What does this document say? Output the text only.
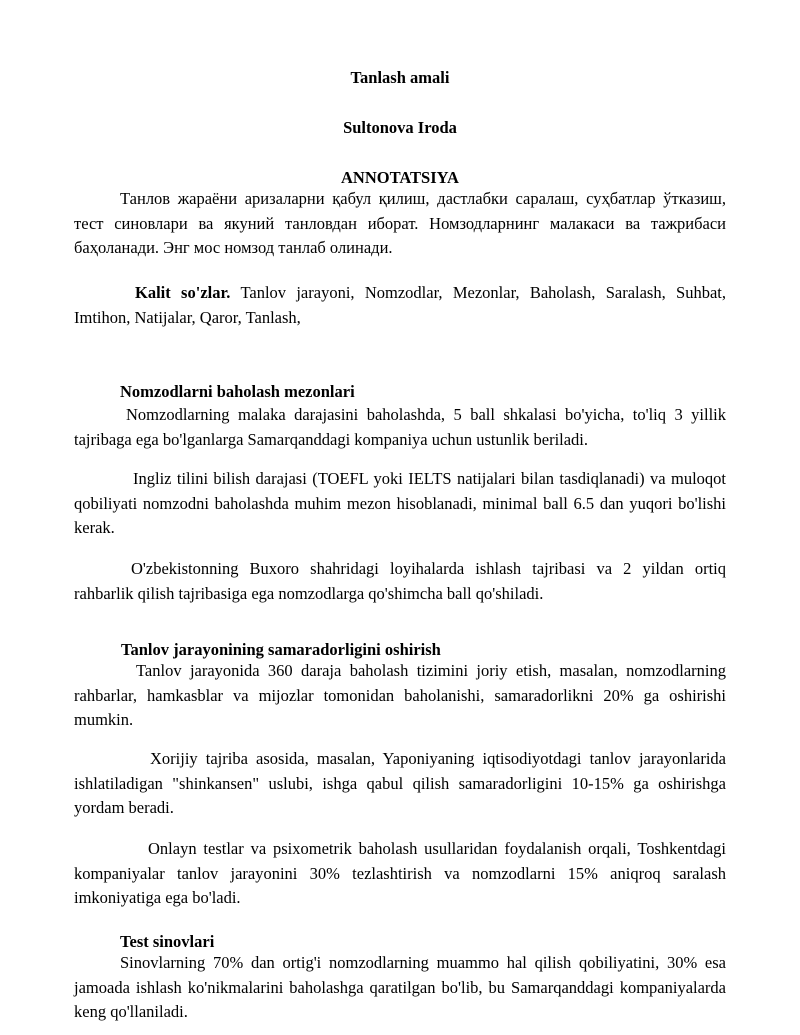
Tanlash amali
Sultonova Iroda
ANNOTATSIYA
Танлов жараёни аризаларни қабул қилиш, дастлабки саралаш, суҳбатлар ўтказиш, тест синовлари ва якуний танловдан иборат. Номзодларнинг малакаси ва тажрибаси баҳоланади. Энг мос номзод танлаб олинади.
Kalit so'zlar. Tanlov jarayoni, Nomzodlar, Mezonlar, Baholash, Saralash, Suhbat, Imtihon, Natijalar, Qaror, Tanlash,
Nomzodlarni baholash mezonlari
Nomzodlarning malaka darajasini baholashda, 5 ball shkalasi bo'yicha, to'liq 3 yillik tajribaga ega bo'lganlarga Samarqanddagi kompaniya uchun ustunlik beriladi.
Ingliz tilini bilish darajasi (TOEFL yoki IELTS natijalari bilan tasdiqlanadi) va muloqot qobiliyati nomzodni baholashda muhim mezon hisoblanadi, minimal ball 6.5 dan yuqori bo'lishi kerak.
O'zbekistonning Buxoro shahridagi loyihalarda ishlash tajribasi va 2 yildan ortiq rahbarlik qilish tajribasiga ega nomzodlarga qo'shimcha ball qo'shiladi.
Tanlov jarayonining samaradorligini oshirish
Tanlov jarayonida 360 daraja baholash tizimini joriy etish, masalan, nomzodlarning rahbarlar, hamkasblar va mijozlar tomonidan baholanishi, samaradorlikni 20% ga oshirishi mumkin.
Xorijiy tajriba asosida, masalan, Yaponiyaning iqtisodiyotdagi tanlov jarayonlarida ishlatiladigan "shinkansen" uslubi, ishga qabul qilish samaradorligini 10-15% ga oshirishga yordam beradi.
Onlayn testlar va psixometrik baholash usullaridan foydalanish orqali, Toshkentdagi kompaniyalar tanlov jarayonini 30% tezlashtirish va nomzodlarni 15% aniqroq saralash imkoniyatiga ega bo'ladi.
Test sinovlari
Sinovlarning 70% dan ortig'i nomzodlarning muammo hal qilish qobiliyatini, 30% esa jamoada ishlash ko'nikmalarini baholashga qaratilgan bo'lib, bu Samarqanddagi kompaniyalarda keng qo'llaniladi.
